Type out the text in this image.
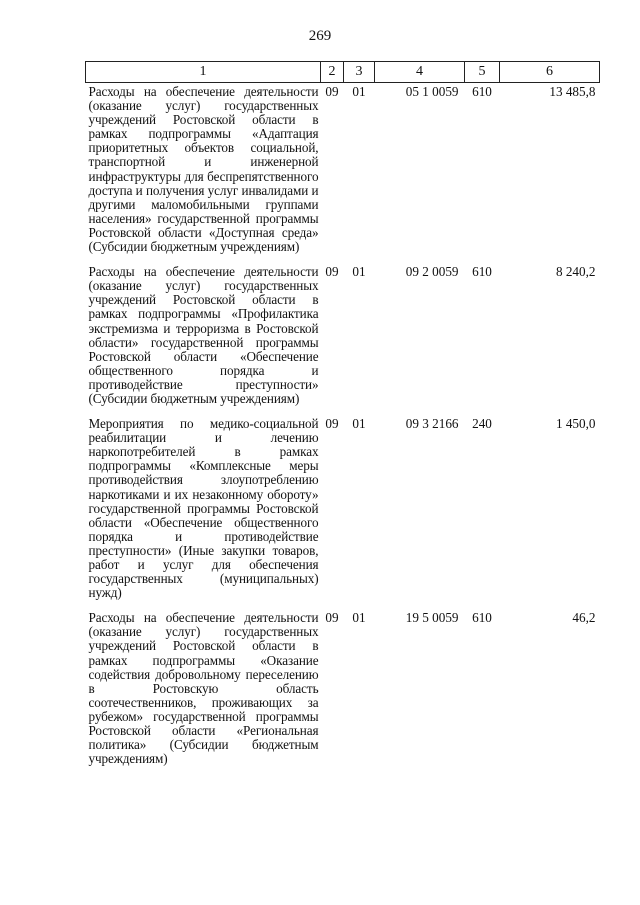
269
1	2	3	4	5	6
Расходы на обеспечение деятельности (оказание услуг) государственных учреждений Ростовской области в рамках подпрограммы «Адаптация приоритетных объектов социальной, транспортной и инженерной инфраструктуры для беспрепятственного доступа и получения услуг инвалидами и другими маломобильными группами населения» государственной программы Ростовской области «Доступная среда» (Субсидии бюджетным учреждениям)	09	01	05 1 0059	610	13 485,8
Расходы на обеспечение деятельности (оказание услуг) государственных учреждений Ростовской области в рамках подпрограммы «Профилактика экстремизма и терроризма в Ростовской области» государственной программы Ростовской области «Обеспечение общественного порядка и противодействие преступности» (Субсидии бюджетным учреждениям)	09	01	09 2 0059	610	8 240,2
Мероприятия по медико-социальной реабилитации и лечению наркопотребителей в рамках подпрограммы «Комплексные меры противодействия злоупотреблению наркотиками и их незаконному обороту» государственной программы Ростовской области «Обеспечение общественного порядка и противодействие преступности» (Иные закупки товаров, работ и услуг для обеспечения государственных (муниципальных) нужд)	09	01	09 3 2166	240	1 450,0
Расходы на обеспечение деятельности (оказание услуг) государственных учреждений Ростовской области в рамках подпрограммы «Оказание содействия добровольному переселению в Ростовскую область соотечественников, проживающих за рубежом» государственной программы Ростовской области «Региональная политика» (Субсидии бюджетным учреждениям)	09	01	19 5 0059	610	46,2
